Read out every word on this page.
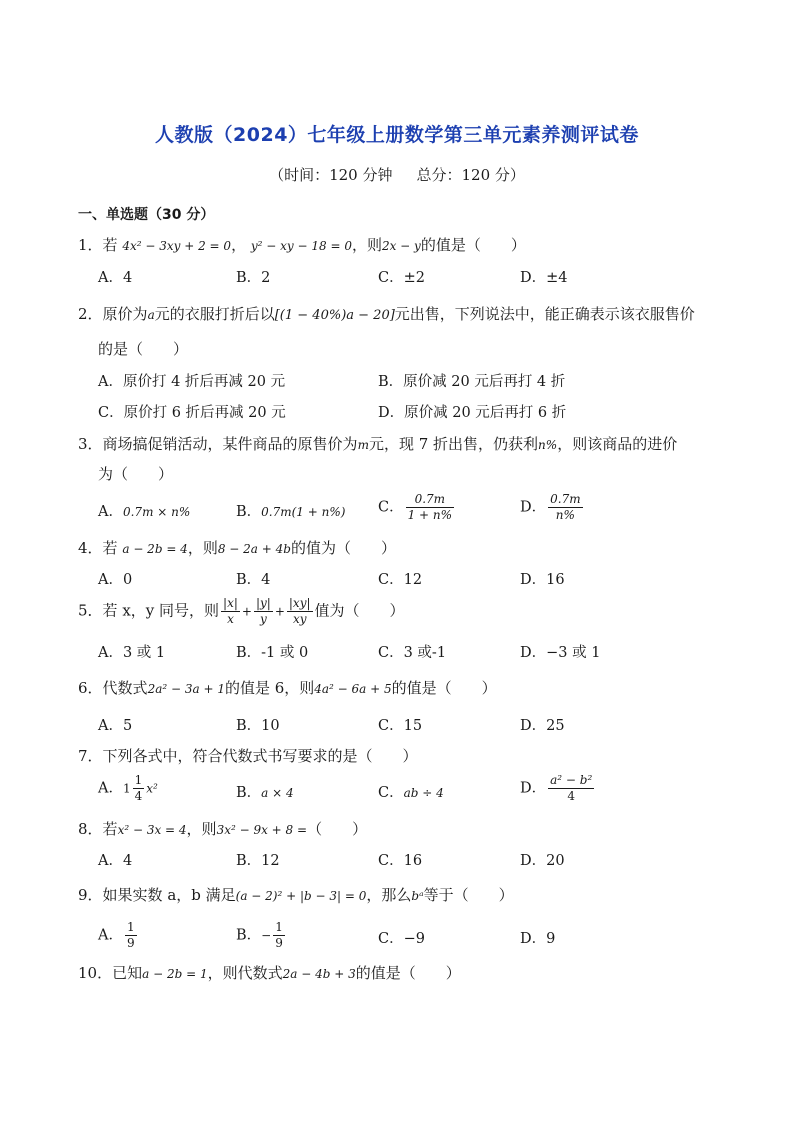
人教版（2024）七年级上册数学第三单元素养测评试卷
（时间：120 分钟 总分：120 分）
一、单选题（30 分）
1．若 4x² − 3xy + 2 = 0， y² − xy − 18 = 0，则2x − y的值是（　　）
A．4	B．2	C．±2	D．±4
2．原价为a元的衣服打折后以[(1 − 40%)a − 20]元出售，下列说法中，能正确表示该衣服售价
的是（　　）
A．原价打 4 折后再减 20 元	B．原价减 20 元后再打 4 折
C．原价打 6 折后再减 20 元	D．原价减 20 元后再打 6 折
3．商场搞促销活动，某件商品的原售价为m元，现 7 折出售，仍获利n%，则该商品的进价
为（　　）
A．0.7m × n%	B．0.7m(1 + n%) C． $\frac{0.7m}{1 + n\%}$	D． $\frac{0.7m}{n\%}$
4．若 a − 2b = 4，则8 − 2a + 4b的值为（　　）
A．0	B．4	C．12	D．16
5．若 x，y 同号，则 $\frac{|x|}{x} + \frac{|y|}{y} + \frac{|xy|}{xy}$ 值为（　　）
A．3 或 1	B．-1 或 0	C．3 或-1	D．−3 或 1
6．代数式2a² − 3a + 1的值是 6，则4a² − 6a + 5的值是（　　）
A．5	B．10	C．15	D．25
7．下列各式中，符合代数式书写要求的是（　　）
A．$1 \frac{1}{4} x^2$	B．a × 4	C．ab ÷ 4	D． $\frac{\text{a² − b²}}{4}$
8．若x² − 3x = 4，则3x² − 9x + 8 =（　　）
A．4	B．12	C．16	D．20
9．如果实数 a，b 满足(a − 2)² + |b − 3| = 0，那么bᵃ等于（　　）
A． $\frac{1}{9}$	B．− $\frac{1}{9}$	C．−9	D．9
10．已知a − 2b = 1，则代数式2a − 4b + 3的值是（　　）
